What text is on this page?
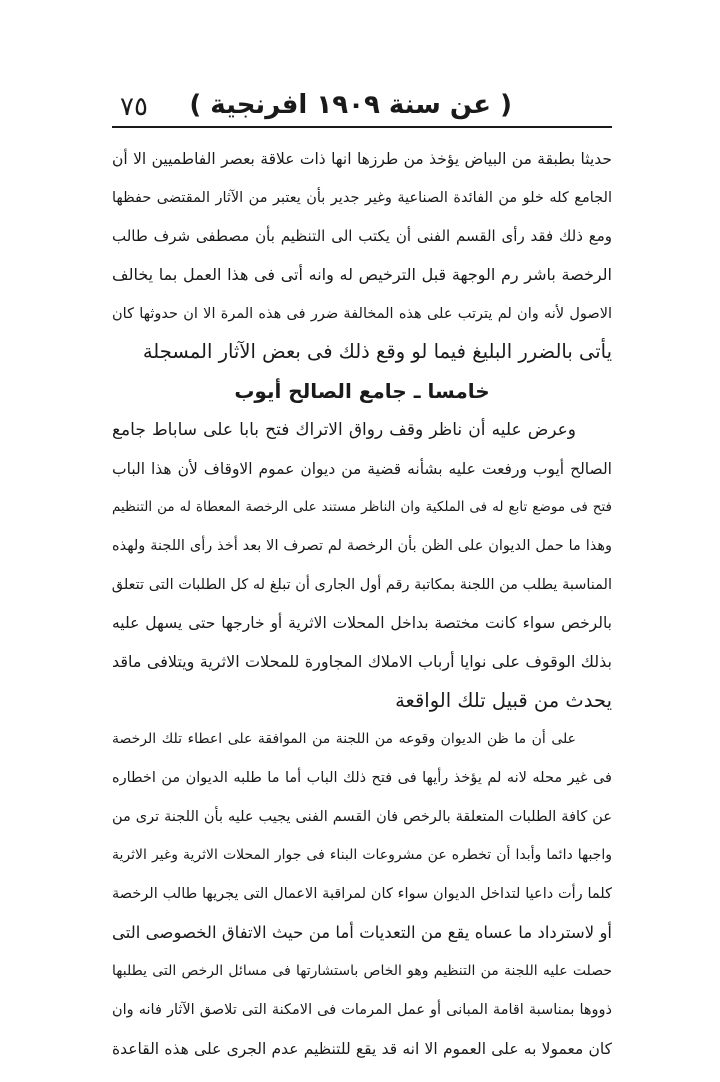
( عن سنة ١٩٠٩ افرنجية )
٧٥
حديثا بطبقة من البياض يؤخذ من طرزها انها ذات علاقة بعصر الفاطميين الا أن
الجامع كله خلو من الفائدة الصناعية وغير جدير بأن يعتبر من الآثار المقتضى حفظها
ومع ذلك فقد رأى القسم الفنى أن يكتب الى التنظيم بأن مصطفى شرف طالب
الرخصة باشر رم الوجهة قبل الترخيص له وانه أتى فى هذا العمل بما يخالف
الاصول لأنه وان لم يترتب على هذه المخالفة ضرر فى هذه المرة الا ان حدوثها كان
يأتى بالضرر البليغ فيما لو وقع ذلك فى بعض الآثار المسجلة
خامسا ـ جامع الصالح أيوب
وعرض عليه أن ناظر وقف رواق الاتراك فتح بابا على ساباط جامع
الصالح أيوب ورفعت عليه بشأنه قضية من ديوان عموم الاوقاف لأن هذا الباب
فتح فى موضع تابع له فى الملكية وان الناظر مستند على الرخصة المعطاة له من التنظيم
وهذا ما حمل الديوان على الظن بأن الرخصة لم تصرف الا بعد أخذ رأى اللجنة ولهذه
المناسبة يطلب من اللجنة بمكاتبة رقم أول الجارى أن تبلغ له كل الطلبات التى تتعلق
بالرخص سواء كانت مختصة بداخل المحلات الاثرية أو خارجها حتى يسهل عليه
بذلك الوقوف على نوايا أرباب الاملاك المجاورة للمحلات الاثرية ويتلافى ماقد
يحدث من قبيل تلك الواقعة
على أن ما ظن الديوان وقوعه من اللجنة من الموافقة على اعطاء تلك الرخصة
فى غير محله لانه لم يؤخذ رأيها فى فتح ذلك الباب أما ما طلبه الديوان من اخطاره
عن كافة الطلبات المتعلقة بالرخص فان القسم الفنى يجيب عليه بأن اللجنة ترى من
واجبها دائما وأبدا أن تخطره عن مشروعات البناء فى جوار المحلات الاثرية وغير الاثرية
كلما رأت داعيا لتداخل الديوان سواء كان لمراقبة الاعمال التى يجريها طالب الرخصة
أو لاسترداد ما عساه يقع من التعديات أما من حيث الاتفاق الخصوصى التى
حصلت عليه اللجنة من التنظيم وهو الخاص باستشارتها فى مسائل الرخص التى يطلبها
ذووها بمناسبة اقامة المبانى أو عمل المرمات فى الامكنة التى تلاصق الآثار فانه وان
كان معمولا به على العموم الا انه قد يقع للتنظيم عدم الجرى على هذه القاعدة
